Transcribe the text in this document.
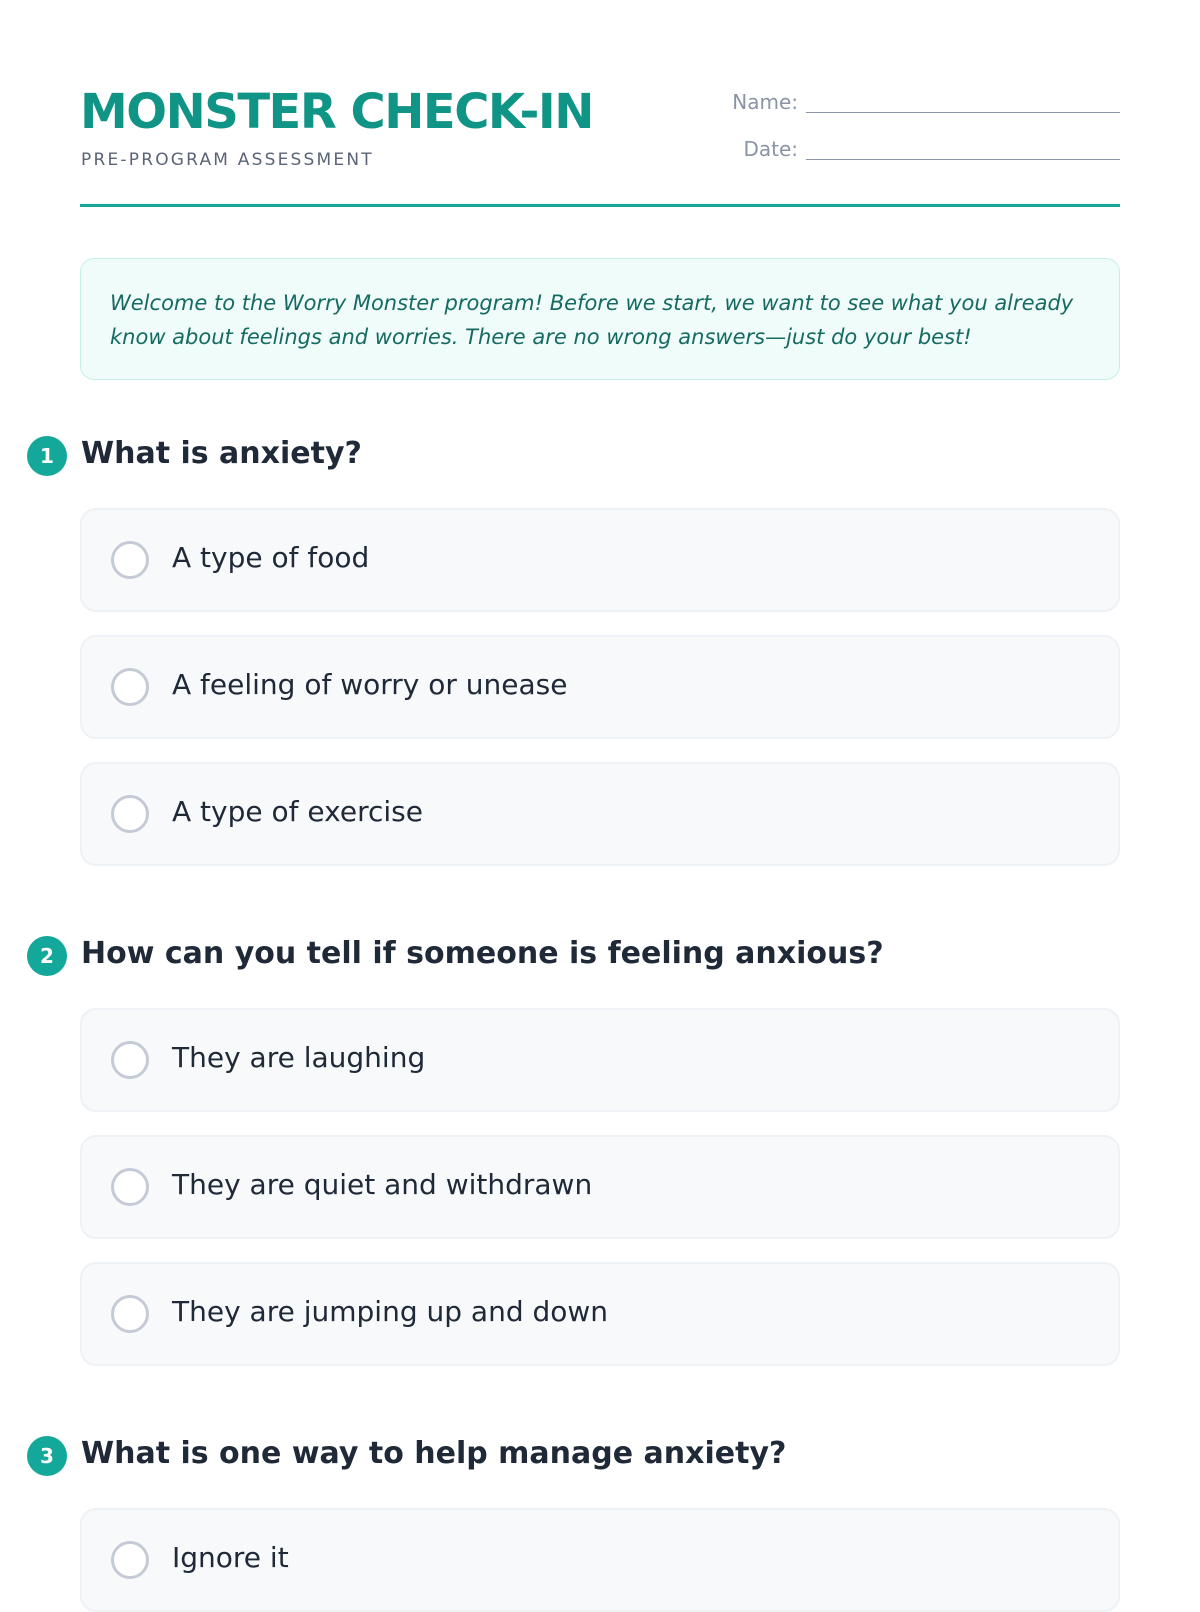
MONSTER CHECK-IN
PRE-PROGRAM ASSESSMENT
Name:
Date:
Welcome to the Worry Monster program! Before we start, we want to see what you already know about feelings and worries. There are no wrong answers—just do your best!
1 What is anxiety?
A type of food
A feeling of worry or unease
A type of exercise
2 How can you tell if someone is feeling anxious?
They are laughing
They are quiet and withdrawn
They are jumping up and down
3 What is one way to help manage anxiety?
Ignore it
